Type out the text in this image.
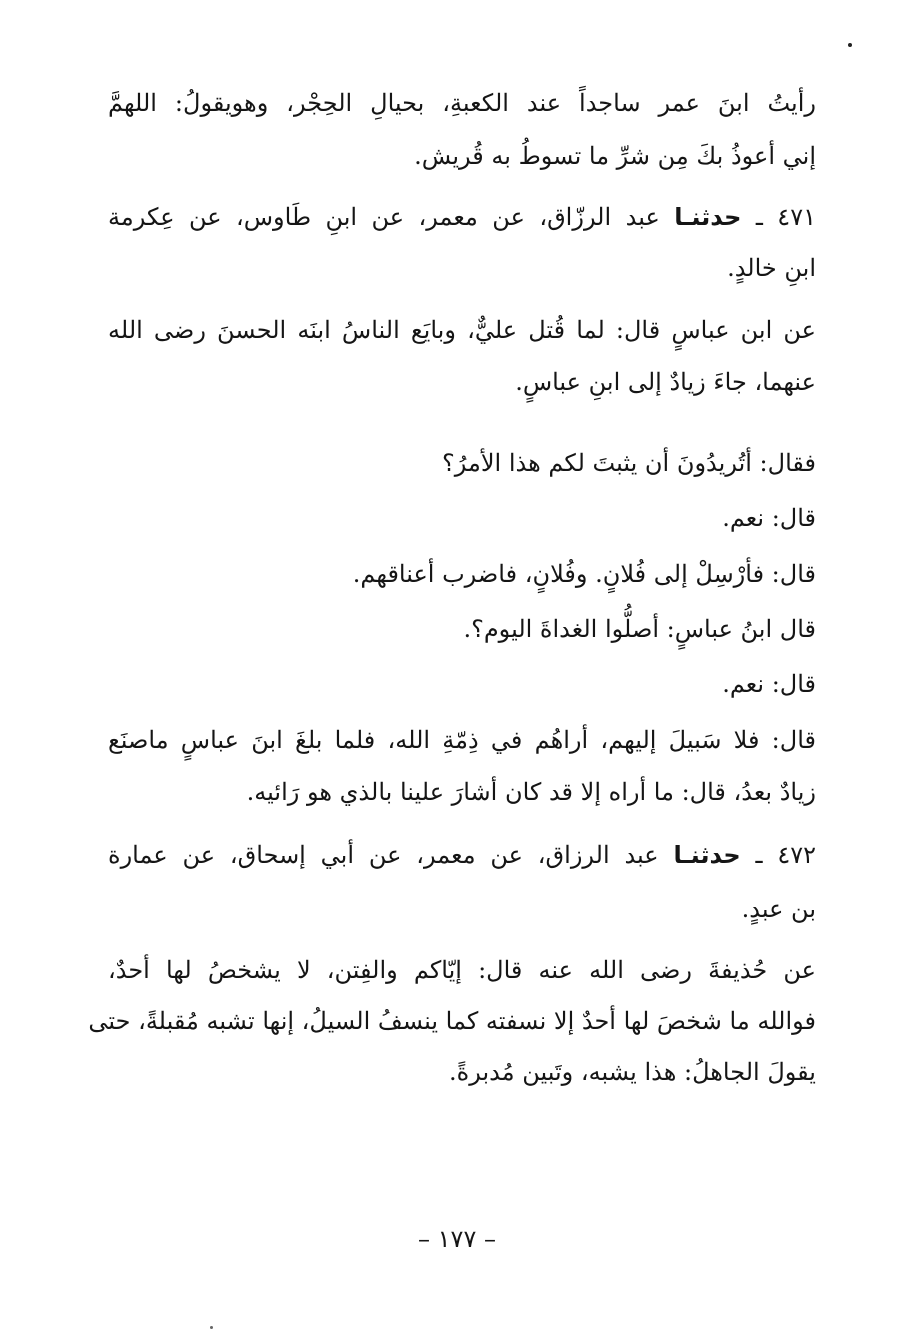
رأيتُ ابنَ عمر ساجداً عند الكعبةِ، بحيالِ الحِجْر، وهويقولُ: اللهمَّ
إني أعوذُ بكَ مِن شرِّ ما تسوطُ به قُريش.
٤٧١ ـ حدثنـا عبد الرزّاق، عن معمر، عن ابنِ طَاوس، عن عِكرمة
ابنِ خالدٍ.
عن ابن عباسٍ قال: لما قُتل عليٌّ، وبايَع الناسُ ابنَه الحسنَ رضى الله
عنهما، جاءَ زيادٌ إلى ابنِ عباسٍ.
فقال: أتُريدُونَ أن يثبتَ لكم هذا الأمرُ؟
قال: نعم.
قال: فأرْسِلْ إلى فُلانٍ. وفُلانٍ، فاضرب أعناقهم.
قال ابنُ عباسٍ: أصلُّوا الغداةَ اليوم؟.
قال: نعم.
قال: فلا سَبيلَ إليهم، أراهُم في ذِمّةِ الله، فلما بلغَ ابنَ عباسٍ ماصنَع
زيادٌ بعدُ، قال: ما أراه إلا قد كان أشارَ علينا بالذي هو رَائيه.
٤٧٢ ـ حدثنـا عبد الرزاق، عن معمر، عن أبي إسحاق، عن عمارة
بن عبدٍ.
عن حُذيفةَ رضى الله عنه قال: إيّاكم والفِتن، لا يشخصُ لها أحدٌ،
فوالله ما شخصَ لها أحدٌ إلا نسفته كما ينسفُ السيلُ، إنها تشبه مُقبلةً، حتى
يقولَ الجاهلُ: هذا يشبه، وتَبين مُدبرةً.
– ١٧٧ –
